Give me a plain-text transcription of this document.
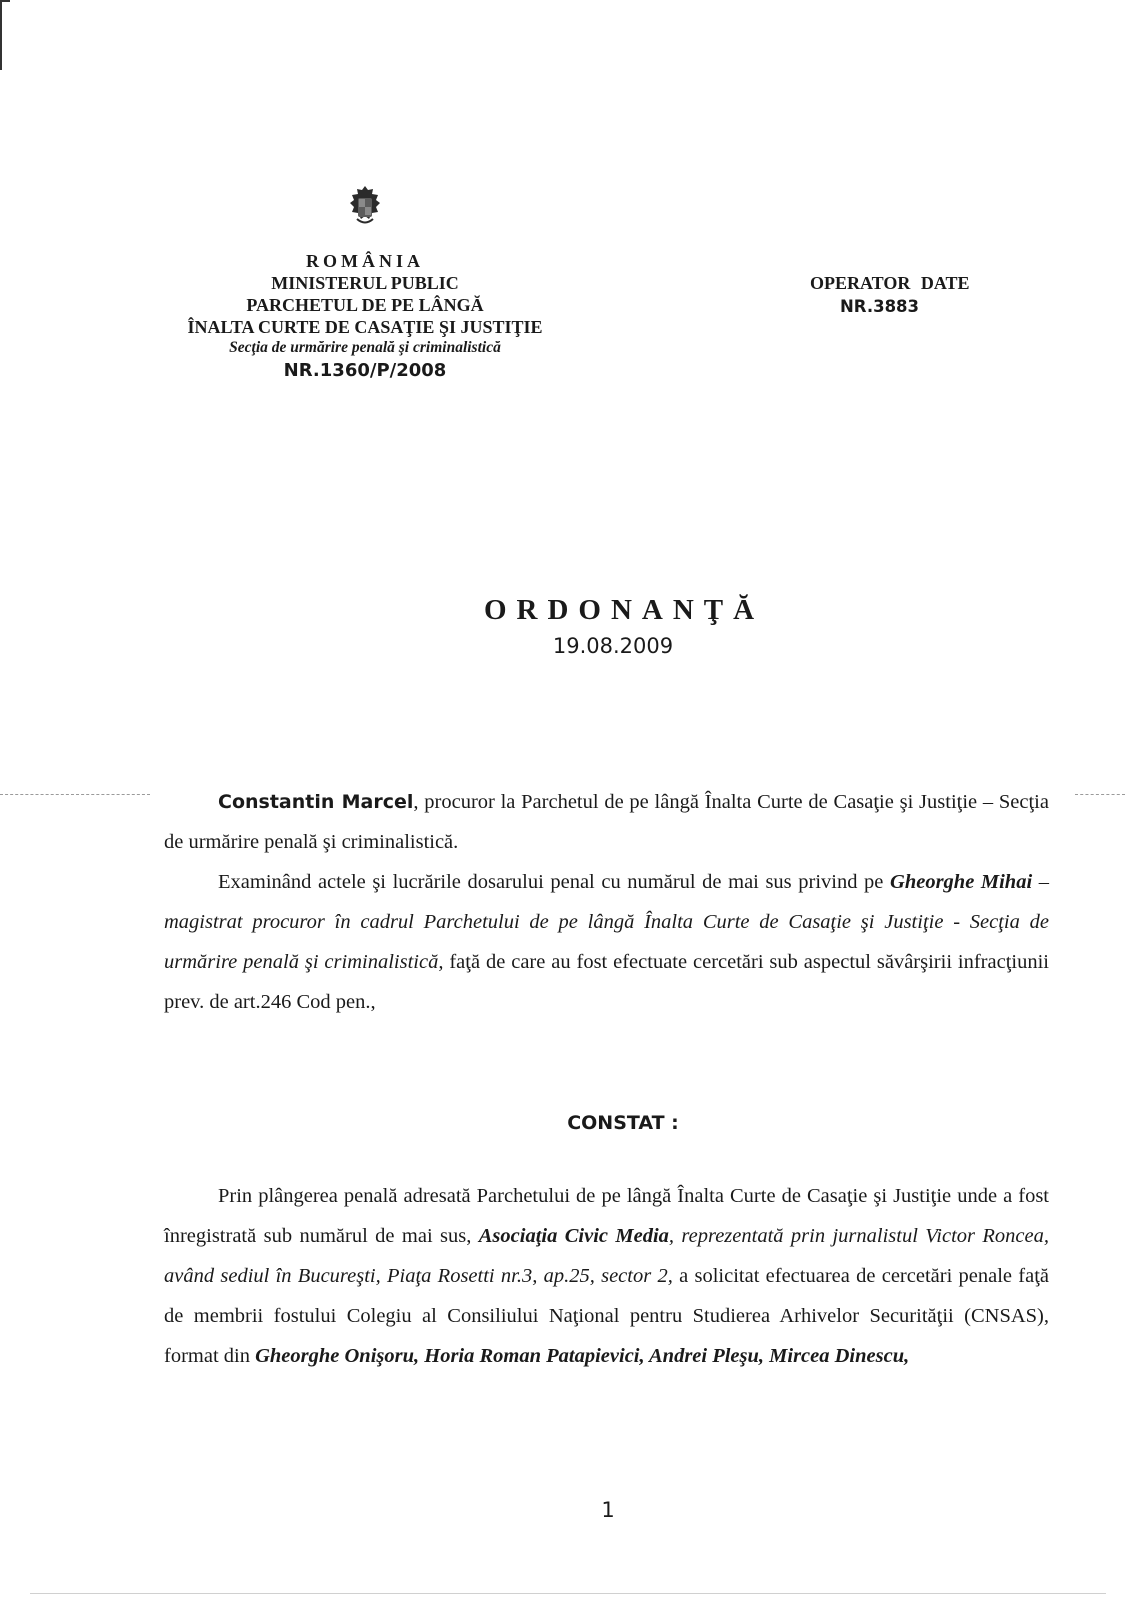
ROMÂNIA
MINISTERUL PUBLIC
PARCHETUL DE PE LÂNGĂ
ÎNALTA CURTE DE CASAŢIE ŞI JUSTIŢIE
Secţia de urmărire penală şi criminalistică
NR.1360/P/2008
OPERATOR DATE
NR.3883
ORDONANŢĂ
19.08.2009

Constantin Marcel, procuror la Parchetul de pe lângă Înalta Curte de Casaţie şi Justiţie – Secţia de urmărire penală şi criminalistică.

Examinând actele şi lucrările dosarului penal cu numărul de mai sus privind pe Gheorghe Mihai – magistrat procuror în cadrul Parchetului de pe lângă Înalta Curte de Casaţie şi Justiţie - Secţia de urmărire penală şi criminalistică, faţă de care au fost efectuate cercetări sub aspectul săvârşirii infracţiunii prev. de art.246 Cod pen.,

CONSTAT :

Prin plângerea penală adresată Parchetului de pe lângă Înalta Curte de Casaţie şi Justiţie unde a fost înregistrată sub numărul de mai sus, Asociaţia Civic Media, reprezentată prin jurnalistul Victor Roncea, având sediul în Bucureşti, Piaţa Rosetti nr.3, ap.25, sector 2, a solicitat efectuarea de cercetări penale faţă de membrii fostului Colegiu al Consiliului Naţional pentru Studierea Arhivelor Securităţii (CNSAS), format din Gheorghe Onişoru, Horia Roman Patapievici, Andrei Pleşu, Mircea Dinescu,

1
